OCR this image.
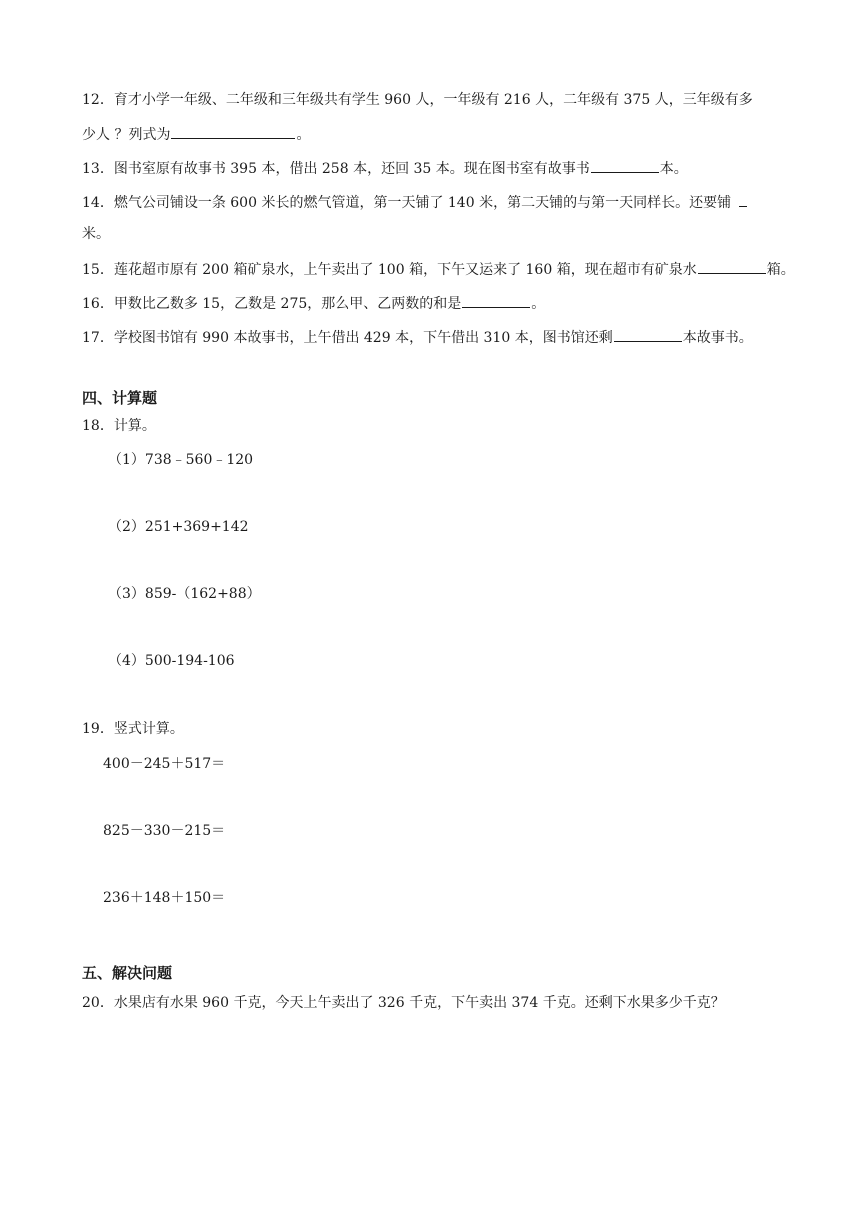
12．育才小学一年级、二年级和三年级共有学生 960 人，一年级有 216 人，二年级有 375 人，三年级有多
少人 ？列式为	。
13．图书室原有故事书 395 本，借出 258 本，还回 35 本。现在图书室有故事书	本。
14．燃气公司铺设一条 600 米长的燃气管道，第一天铺了 140 米，第二天铺的与第一天同样长。还要铺
米。
15．莲花超市原有 200 箱矿泉水，上午卖出了 100 箱，下午又运来了 160 箱，现在超市有矿泉水	箱。
16．甲数比乙数多 15，乙数是 275，那么甲、乙两数的和是	。
17．学校图书馆有 990 本故事书，上午借出 429 本，下午借出 310 本，图书馆还剩	本故事书。
四、计算题
18．计算。
（1）738﹣560﹣120
（2）251+369+142
（3）859-（162+88）
（4）500-194-106
19．竖式计算。
400－245＋517＝
825－330－215＝
236＋148＋150＝
五、解决问题
20．水果店有水果 960 千克，今天上午卖出了 326 千克，下午卖出 374 千克。还剩下水果多少千克？
